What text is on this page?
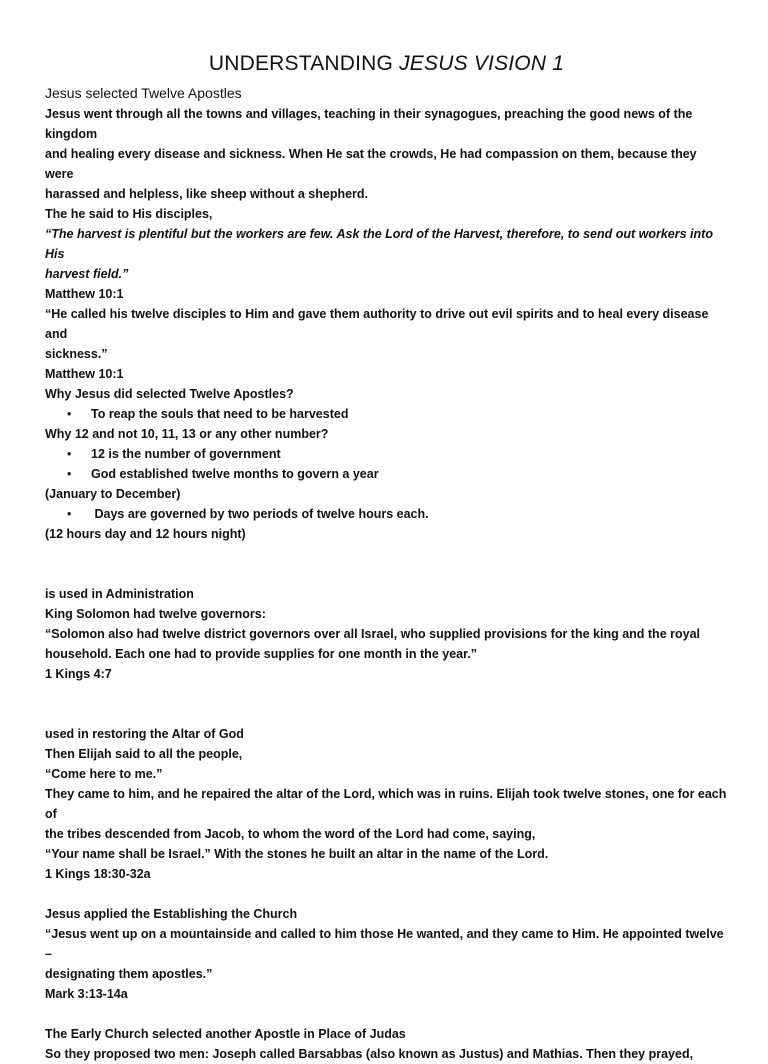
UNDERSTANDING JESUS VISION 1

Jesus selected Twelve Apostles

Jesus went through all the towns and villages, teaching in their synagogues, preaching the good news of the kingdom

and healing every disease and sickness. When He sat the crowds, He had compassion on them, because they were

harassed and helpless, like sheep without a shepherd.

The he said to His disciples,

“The harvest is plentiful but the workers are few. Ask the Lord of the Harvest, therefore, to send out workers into His

harvest field.”

Matthew 10:1

“He called his twelve disciples to Him and gave them authority to drive out evil spirits and to heal every disease and

sickness.”

Matthew 10:1

Why Jesus did selected Twelve Apostles?

• To reap the souls that need to be harvested

Why 12 and not 10, 11, 13 or any other number?

• 12 is the number of government

• God established twelve months to govern a year

(January to December)

• Days are governed by two periods of twelve hours each.

(12 hours day and 12 hours night)

is used in Administration

King Solomon had twelve governors:

“Solomon also had twelve district governors over all Israel, who supplied provisions for the king and the royal

household. Each one had to provide supplies for one month in the year.”

1 Kings 4:7

used in restoring the Altar of God

Then Elijah said to all the people,

“Come here to me.”

They came to him, and he repaired the altar of the Lord, which was in ruins. Elijah took twelve stones, one for each of

the tribes descended from Jacob, to whom the word of the Lord had come, saying,

“Your name shall be Israel.” With the stones he built an altar in the name of the Lord.

1 Kings 18:30-32a

Jesus applied the Establishing the Church

“Jesus went up on a mountainside and called to him those He wanted, and they came to Him. He appointed twelve –

designating them apostles.”

Mark 3:13-14a

The Early Church selected another Apostle in Place of Judas

So they proposed two men: Joseph called Barsabbas (also known as Justus) and Mathias. Then they prayed,
